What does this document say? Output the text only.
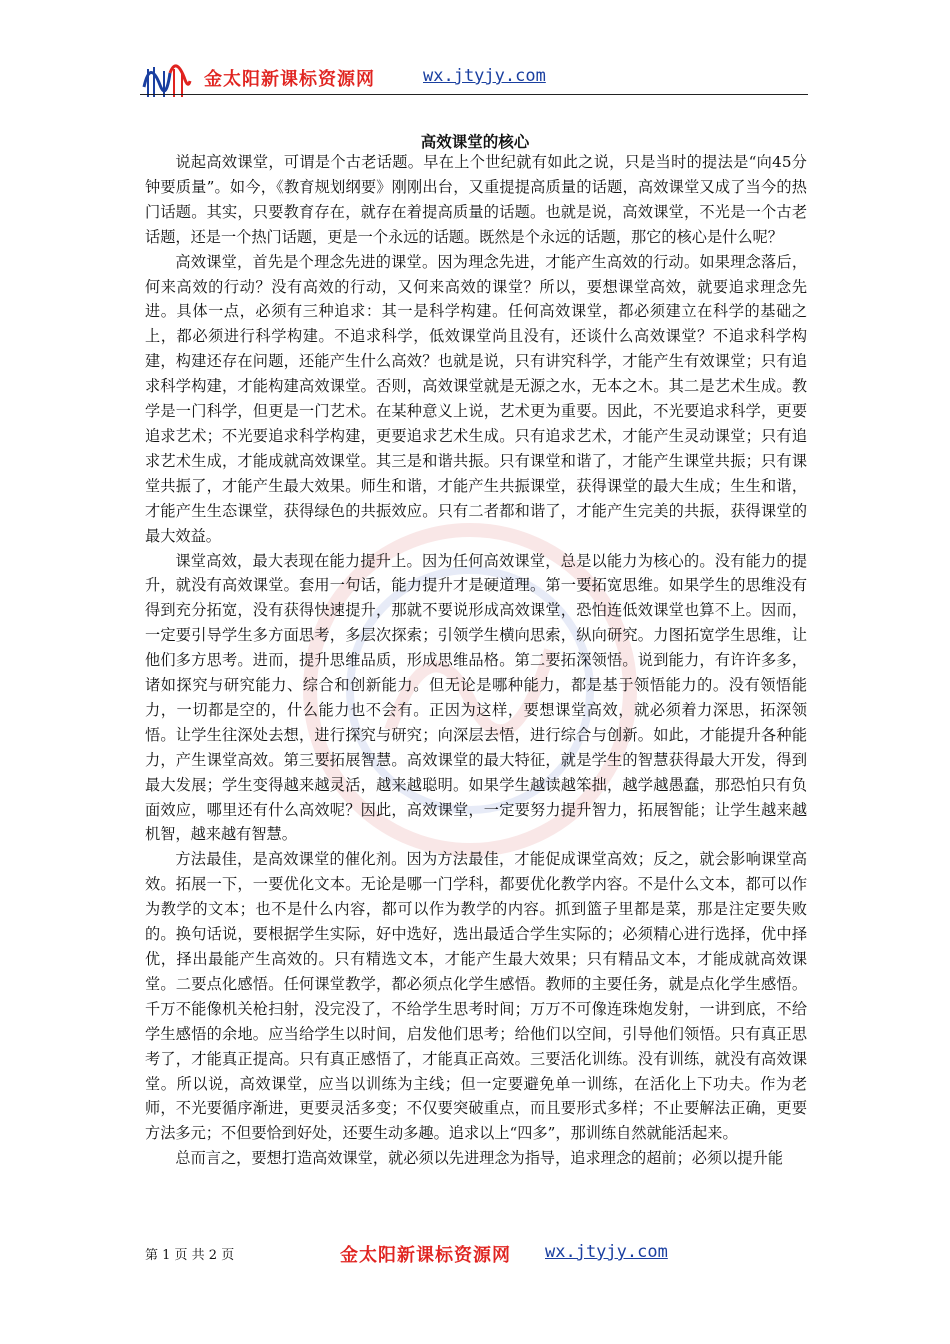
金太阳新课标资源网	wx.jtyjy.com
高效课堂的核心

说起高效课堂，可谓是个古老话题。早在上个世纪就有如此之说，只是当时的提法是“向45分钟要质量”。如今，《教育规划纲要》刚刚出台，又重提提高质量的话题，高效课堂又成了当今的热门话题。其实，只要教育存在，就存在着提高质量的话题。也就是说，高效课堂，不光是一个古老话题，还是一个热门话题，更是一个永远的话题。既然是个永远的话题，那它的核心是什么呢？

高效课堂，首先是个理念先进的课堂。因为理念先进，才能产生高效的行动。如果理念落后，何来高效的行动？没有高效的行动，又何来高效的课堂？所以，要想课堂高效，就要追求理念先进。具体一点，必须有三种追求：其一是科学构建。任何高效课堂，都必须建立在科学的基础之上，都必须进行科学构建。不追求科学，低效课堂尚且没有，还谈什么高效课堂？不追求科学构建，构建还存在问题，还能产生什么高效？也就是说，只有讲究科学，才能产生有效课堂；只有追求科学构建，才能构建高效课堂。否则，高效课堂就是无源之水，无本之木。其二是艺术生成。教学是一门科学，但更是一门艺术。在某种意义上说，艺术更为重要。因此，不光要追求科学，更要追求艺术；不光要追求科学构建，更要追求艺术生成。只有追求艺术，才能产生灵动课堂；只有追求艺术生成，才能成就高效课堂。其三是和谐共振。只有课堂和谐了，才能产生课堂共振；只有课堂共振了，才能产生最大效果。师生和谐，才能产生共振课堂，获得课堂的最大生成；生生和谐，才能产生生态课堂，获得绿色的共振效应。只有二者都和谐了，才能产生完美的共振，获得课堂的最大效益。

课堂高效，最大表现在能力提升上。因为任何高效课堂，总是以能力为核心的。没有能力的提升，就没有高效课堂。套用一句话，能力提升才是硬道理。第一要拓宽思维。如果学生的思维没有得到充分拓宽，没有获得快速提升，那就不要说形成高效课堂，恐怕连低效课堂也算不上。因而，一定要引导学生多方面思考，多层次探索；引领学生横向思索，纵向研究。力图拓宽学生思维，让他们多方思考。进而，提升思维品质，形成思维品格。第二要拓深领悟。说到能力，有许许多多，诸如探究与研究能力、综合和创新能力。但无论是哪种能力，都是基于领悟能力的。没有领悟能力，一切都是空的，什么能力也不会有。正因为这样，要想课堂高效，就必须着力深思，拓深领悟。让学生往深处去想，进行探究与研究；向深层去悟，进行综合与创新。如此，才能提升各种能力，产生课堂高效。第三要拓展智慧。高效课堂的最大特征，就是学生的智慧获得最大开发，得到最大发展；学生变得越来越灵活，越来越聪明。如果学生越读越笨拙，越学越愚蠢，那恐怕只有负面效应，哪里还有什么高效呢？因此，高效课堂，一定要努力提升智力，拓展智能；让学生越来越机智，越来越有智慧。

方法最佳，是高效课堂的催化剂。因为方法最佳，才能促成课堂高效；反之，就会影响课堂高效。拓展一下，一要优化文本。无论是哪一门学科，都要优化教学内容。不是什么文本，都可以作为教学的文本；也不是什么内容，都可以作为教学的内容。抓到篮子里都是菜，那是注定要失败的。换句话说，要根据学生实际，好中选好，选出最适合学生实际的；必须精心进行选择，优中择优，择出最能产生高效的。只有精选文本，才能产生最大效果；只有精品文本，才能成就高效课堂。二要点化感悟。任何课堂教学，都必须点化学生感悟。教师的主要任务，就是点化学生感悟。千万不能像机关枪扫射，没完没了，不给学生思考时间；万万不可像连珠炮发射，一讲到底，不给学生感悟的余地。应当给学生以时间，启发他们思考；给他们以空间，引导他们领悟。只有真正思考了，才能真正提高。只有真正感悟了，才能真正高效。三要活化训练。没有训练，就没有高效课堂。所以说，高效课堂，应当以训练为主线；但一定要避免单一训练，在活化上下功夫。作为老师，不光要循序渐进，更要灵活多变；不仅要突破重点，而且要形式多样；不止要解法正确，更要方法多元；不但要恰到好处，还要生动多趣。追求以上“四多”，那训练自然就能活起来。

总而言之，要想打造高效课堂，就必须以先进理念为指导，追求理念的超前；必须以提升能

第 1 页 共 2 页	金太阳新课标资源网 wx.jtyjy.com
